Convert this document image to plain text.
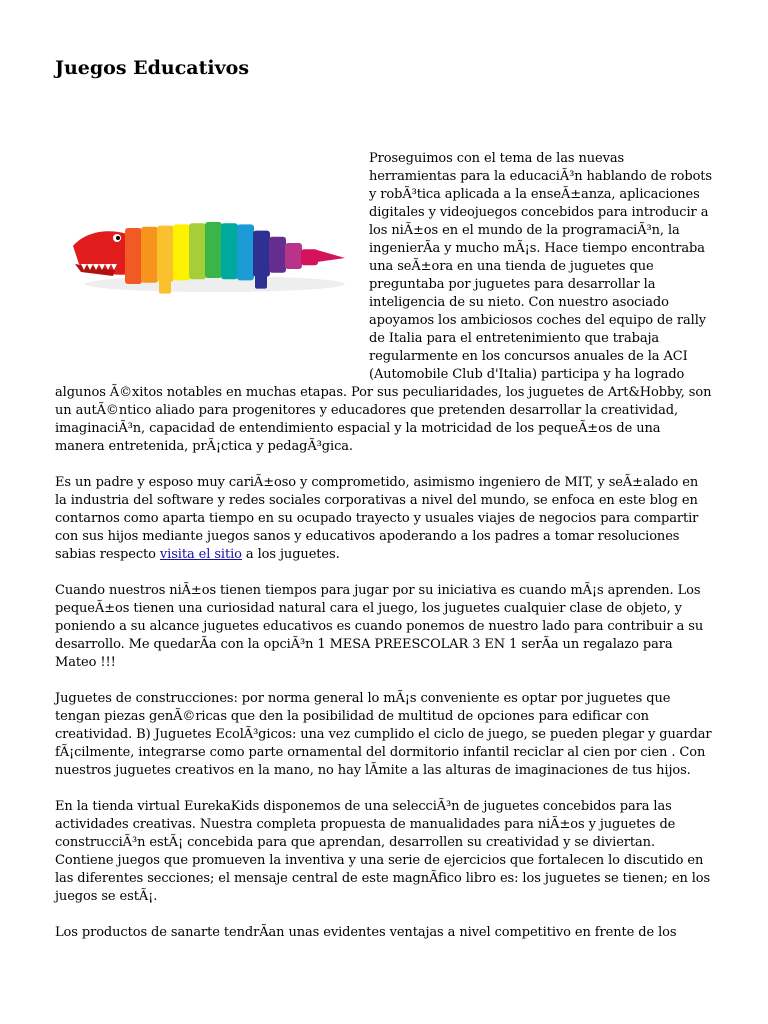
Juegos Educativos

Proseguimos con el tema de las nuevas herramientas para la educaciÃ³n hablando de robots y robÃ³tica aplicada a la enseÃ±anza, aplicaciones digitales y videojuegos concebidos para introducir a los niÃ±os en el mundo de la programaciÃ³n, la ingenierÃa y mucho mÃ¡s. Hace tiempo encontraba una seÃ±ora en una tienda de juguetes que preguntaba por juguetes para desarrollar la inteligencia de su nieto. Con nuestro asociado apoyamos los ambiciosos coches del equipo de rally de Italia para el entretenimiento que trabaja regularmente en los concursos anuales de la ACI (Automobile Club d'Italia) participa y ha logrado algunos Ã©xitos notables en muchas etapas. Por sus peculiaridades, los juguetes de Art&Hobby, son un autÃ©ntico aliado para progenitores y educadores que pretenden desarrollar la creatividad, imaginaciÃ³n, capacidad de entendimiento espacial y la motricidad de los pequeÃ±os de una manera entretenida, prÃ¡ctica y pedagÃ³gica.

Es un padre y esposo muy cariÃ±oso y comprometido, asimismo ingeniero de MIT, y seÃ±alado en la industria del software y redes sociales corporativas a nivel del mundo, se enfoca en este blog en contarnos como aparta tiempo en su ocupado trayecto y usuales viajes de negocios para compartir con sus hijos mediante juegos sanos y educativos apoderando a los padres a tomar resoluciones sabias respecto visita el sitio a los juguetes.

Cuando nuestros niÃ±os tienen tiempos para jugar por su iniciativa es cuando mÃ¡s aprenden. Los pequeÃ±os tienen una curiosidad natural cara el juego, los juguetes cualquier clase de objeto, y poniendo a su alcance juguetes educativos es cuando ponemos de nuestro lado para contribuir a su desarrollo. Me quedarÃa con la opciÃ³n 1 MESA PREESCOLAR 3 EN 1 serÃa un regalazo para Mateo !!!

Juguetes de construcciones: por norma general lo mÃ¡s conveniente es optar por juguetes que tengan piezas genÃ©ricas que den la posibilidad de multitud de opciones para edificar con creatividad. B) Juguetes EcolÃ³gicos: una vez cumplido el ciclo de juego, se pueden plegar y guardar fÃ¡cilmente, integrarse como parte ornamental del dormitorio infantil reciclar al cien por cien . Con nuestros juguetes creativos en la mano, no hay lÃmite a las alturas de imaginaciones de tus hijos.

En la tienda virtual EurekaKids disponemos de una selecciÃ³n de juguetes concebidos para las actividades creativas. Nuestra completa propuesta de manualidades para niÃ±os y juguetes de construcciÃ³n estÃ¡ concebida para que aprendan, desarrollen su creatividad y se diviertan. Contiene juegos que promueven la inventiva y una serie de ejercicios que fortalecen lo discutido en las diferentes secciones; el mensaje central de este magnÃfico libro es: los juguetes se tienen; en los juegos se estÃ¡.

Los productos de sanarte tendrÃan unas evidentes ventajas a nivel competitivo en frente de los
